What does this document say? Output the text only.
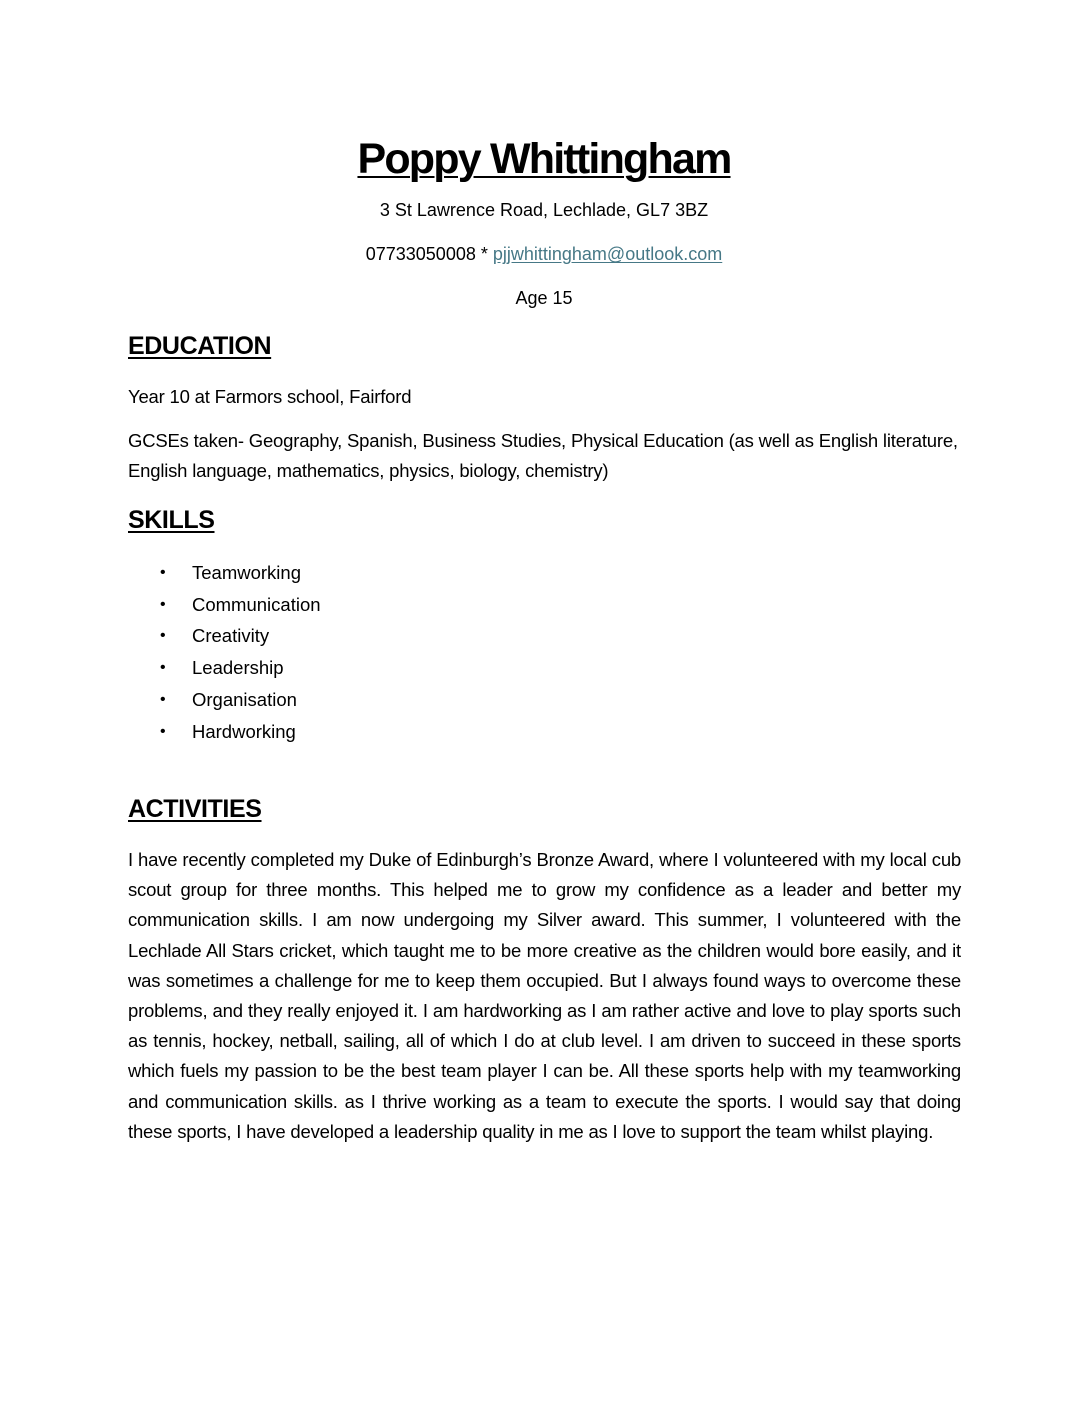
Poppy Whittingham
3 St Lawrence Road, Lechlade, GL7 3BZ
07733050008 * pjjwhittingham@outlook.com
Age 15
EDUCATION
Year 10 at Farmors school, Fairford
GCSEs taken- Geography, Spanish, Business Studies, Physical Education (as well as English literature, English language, mathematics, physics, biology, chemistry)
SKILLS
•	Teamworking
•	Communication
•	Creativity
•	Leadership
•	Organisation
•	Hardworking
ACTIVITIES
I have recently completed my Duke of Edinburgh’s Bronze Award, where I volunteered with my local cub scout group for three months. This helped me to grow my confidence as a leader and better my communication skills. I am now undergoing my Silver award. This summer, I volunteered with the Lechlade All Stars cricket, which taught me to be more creative as the children would bore easily, and it was sometimes a challenge for me to keep them occupied. But I always found ways to overcome these problems, and they really enjoyed it. I am hardworking as I am rather active and love to play sports such as tennis, hockey, netball, sailing, all of which I do at club level. I am driven to succeed in these sports which fuels my passion to be the best team player I can be. All these sports help with my teamworking and communication skills. as I thrive working as a team to execute the sports. I would say that doing these sports, I have developed a leadership quality in me as I love to support the team whilst playing.
